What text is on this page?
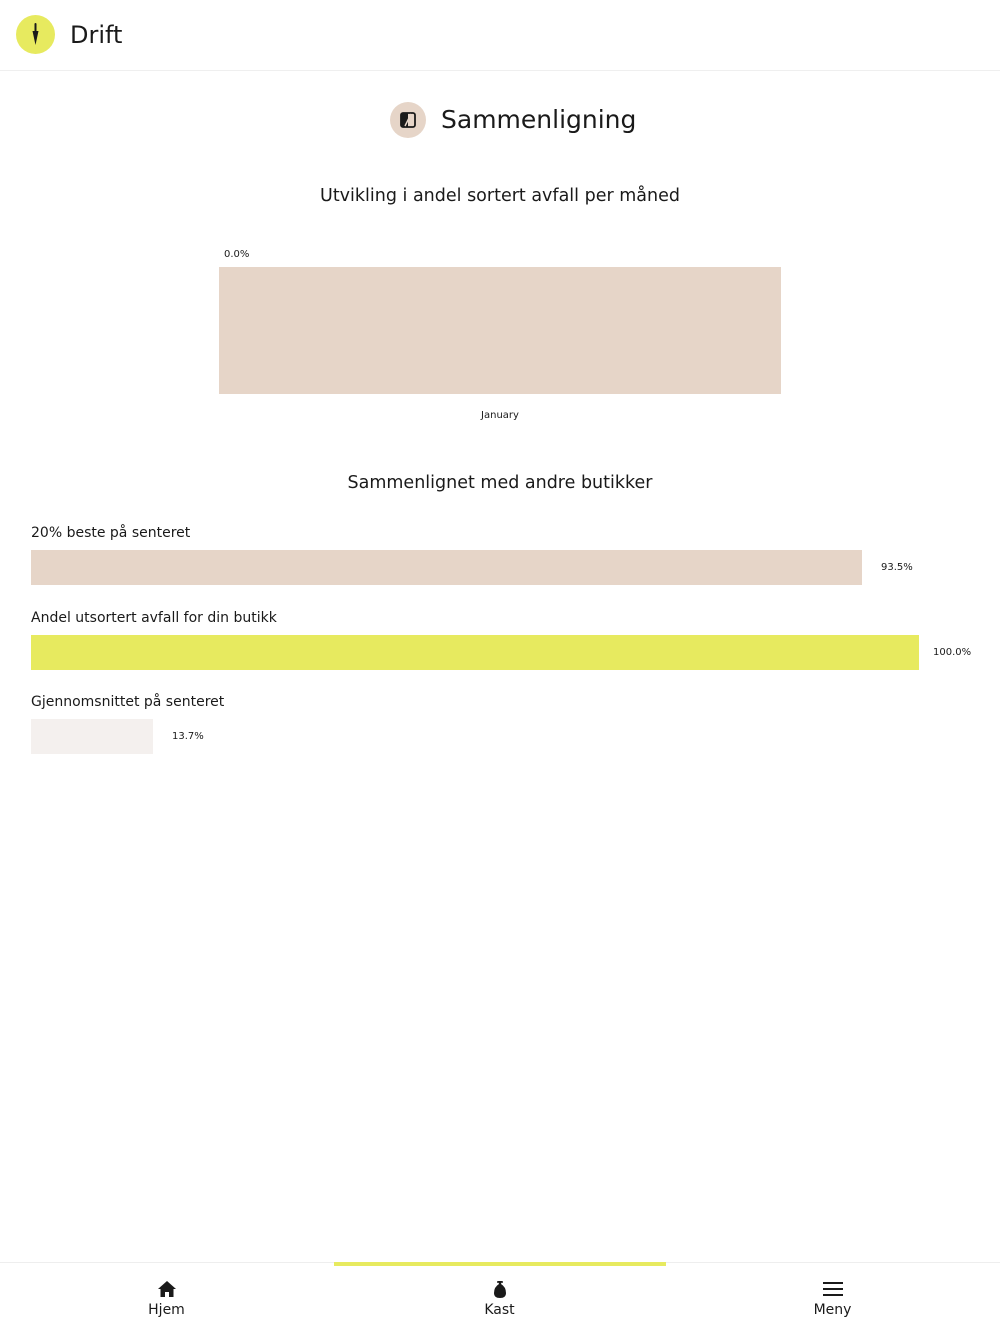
Drift
Sammenligning
Utvikling i andel sortert avfall per måned
0.0%
January
Sammenlignet med andre butikker
20% beste på senteret
93.5%
Andel utsortert avfall for din butikk
100.0%
Gjennomsnittet på senteret
13.7%
Hjem	Kast	Meny
